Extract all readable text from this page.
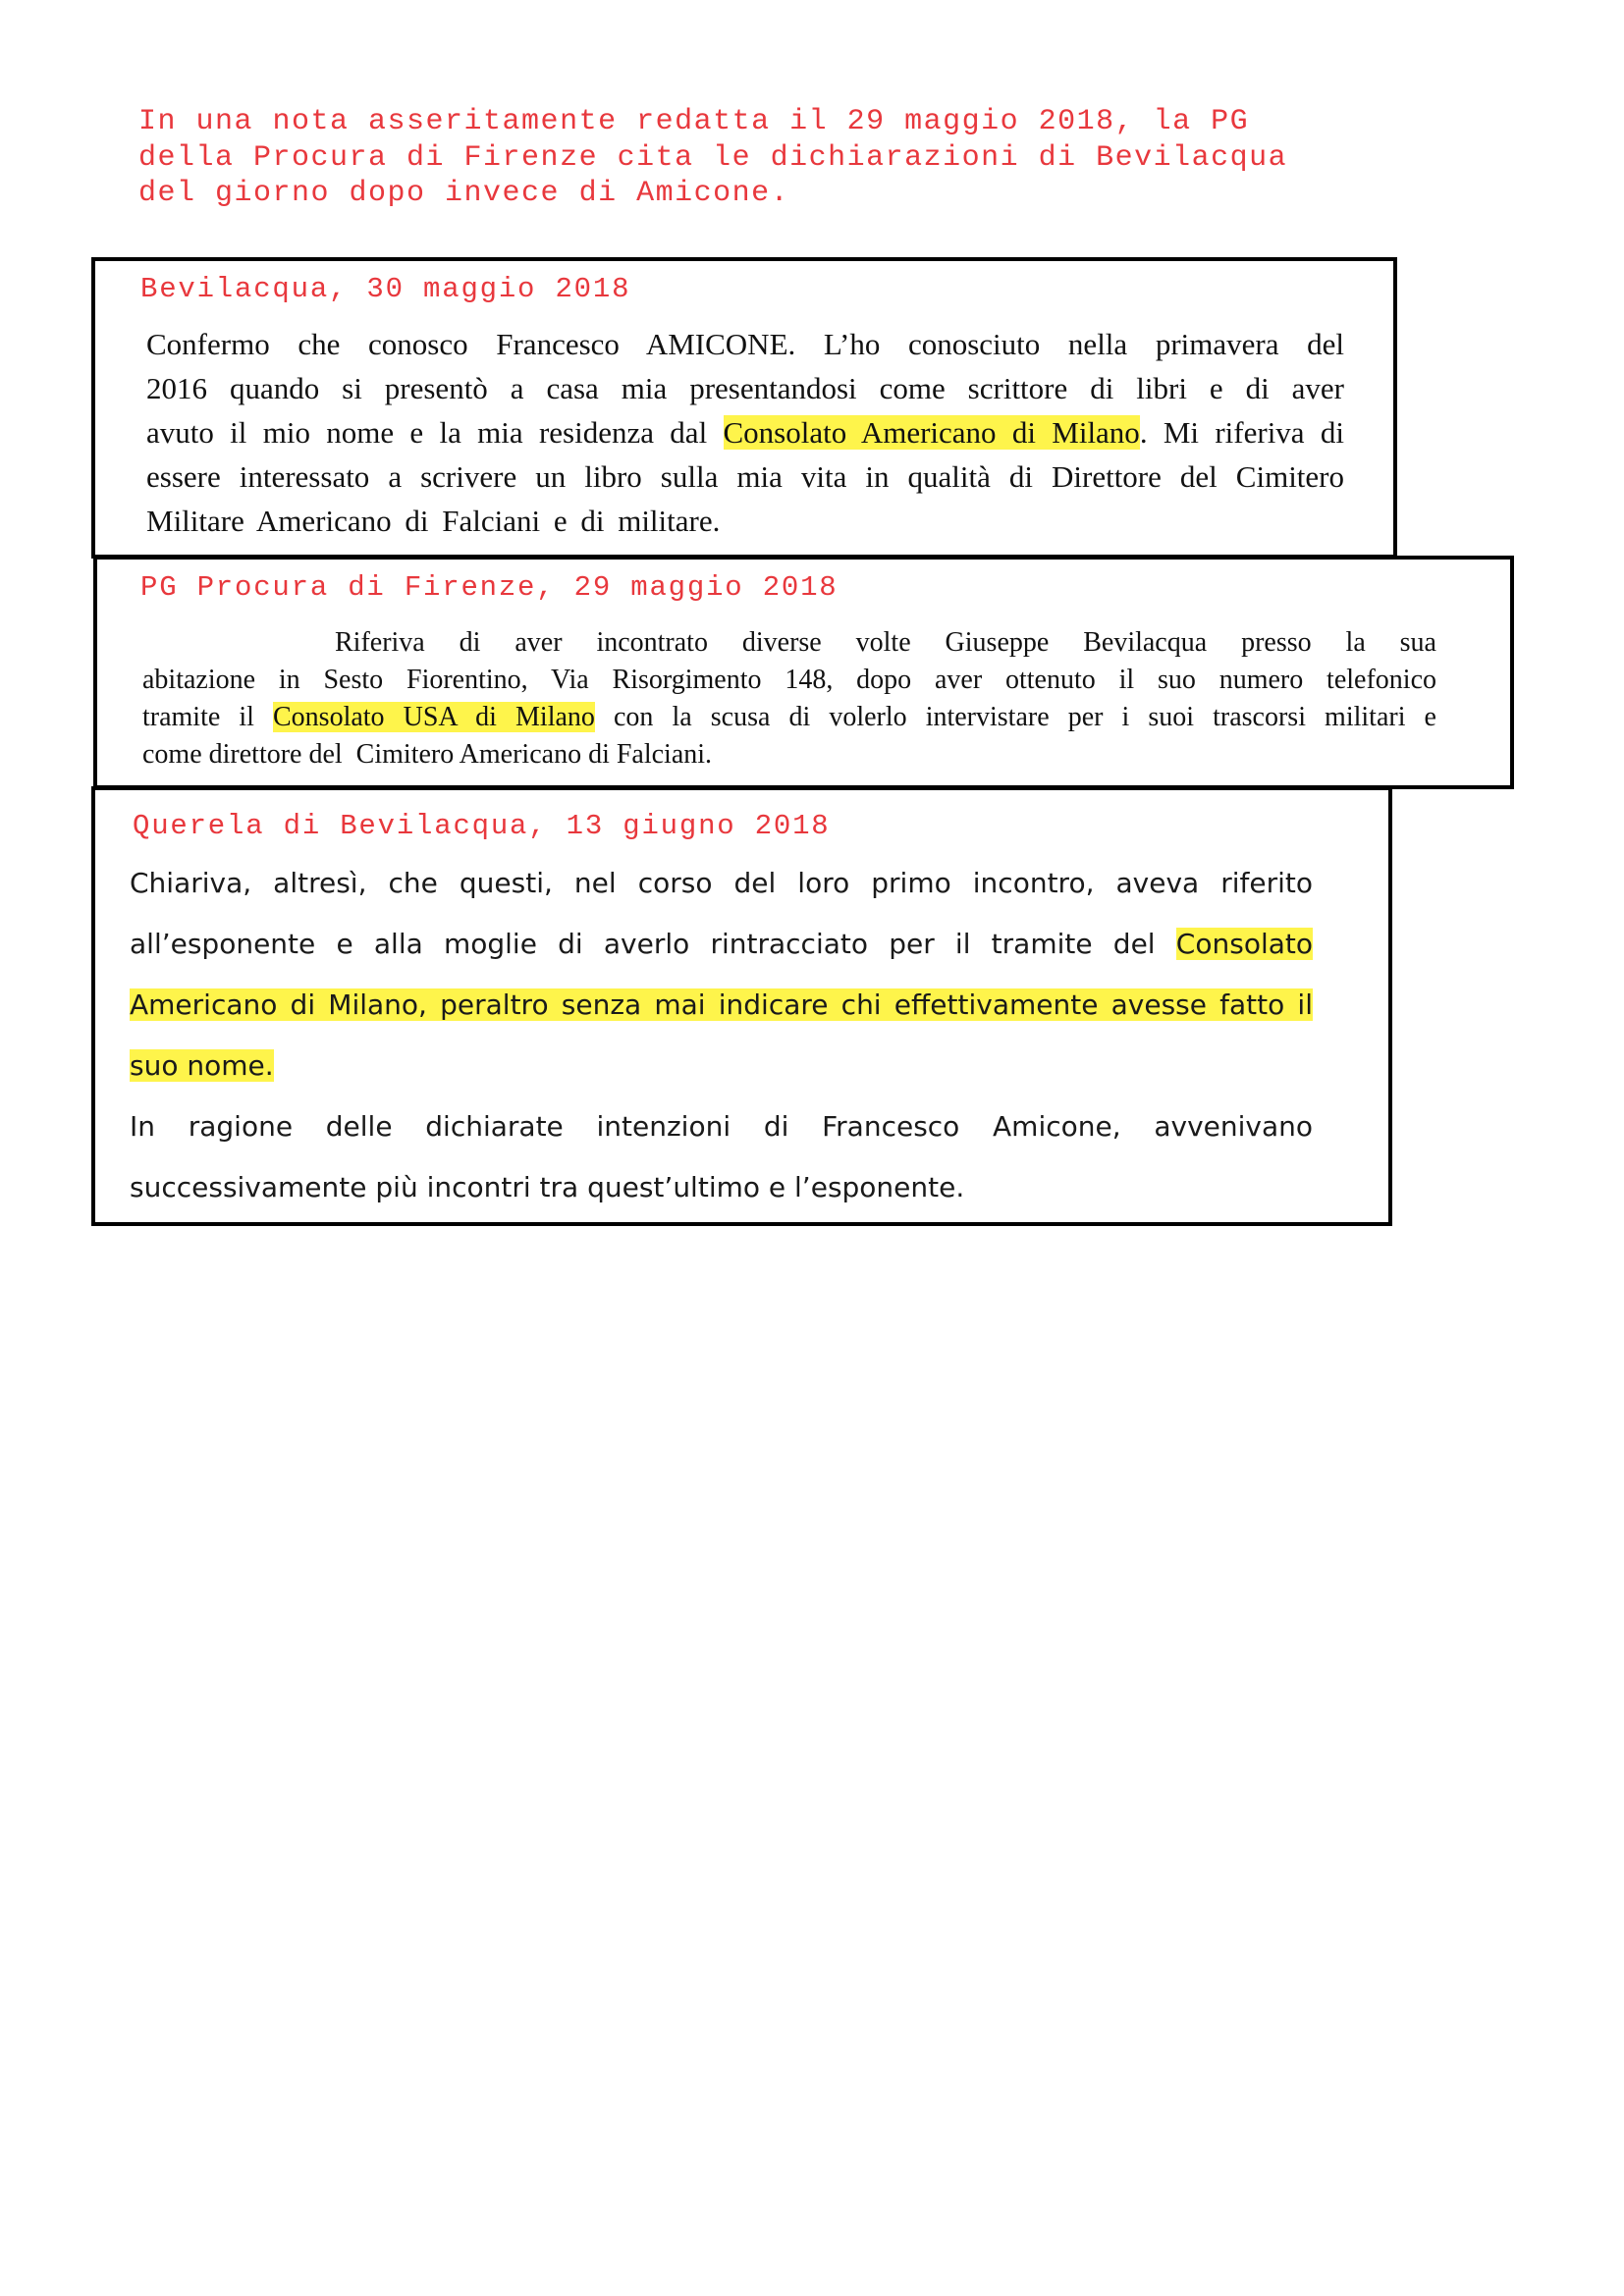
In una nota asseritamente redatta il 29 maggio 2018, la PG
della Procura di Firenze cita le dichiarazioni di Bevilacqua
del giorno dopo invece di Amicone.
Bevilacqua, 30 maggio 2018
Confermo che conosco Francesco AMICONE. L’ho conosciuto nella primavera del
2016 quando si presentò a casa mia presentandosi come scrittore di libri e di aver
avuto il mio nome e la mia residenza dal Consolato Americano di Milano. Mi riferiva di
essere interessato a scrivere un libro sulla mia vita in qualità di Direttore del Cimitero
Militare Americano di Falciani e di militare.
PG Procura di Firenze, 29 maggio 2018
Riferiva di aver incontrato diverse volte Giuseppe Bevilacqua presso la sua
abitazione in Sesto Fiorentino, Via Risorgimento 148, dopo aver ottenuto il suo numero telefonico
tramite il Consolato USA di Milano con la scusa di volerlo intervistare per i suoi trascorsi militari e
come direttore del  Cimitero Americano di Falciani.
Querela di Bevilacqua, 13 giugno 2018
Chiariva, altresì, che questi, nel corso del loro primo incontro, aveva riferito
all’esponente e alla moglie di averlo rintracciato per il tramite del Consolato
Americano di Milano, peraltro senza mai indicare chi effettivamente avesse fatto il
suo nome.
In ragione delle dichiarate intenzioni di Francesco Amicone, avvenivano
successivamente più incontri tra quest’ultimo e l’esponente.
